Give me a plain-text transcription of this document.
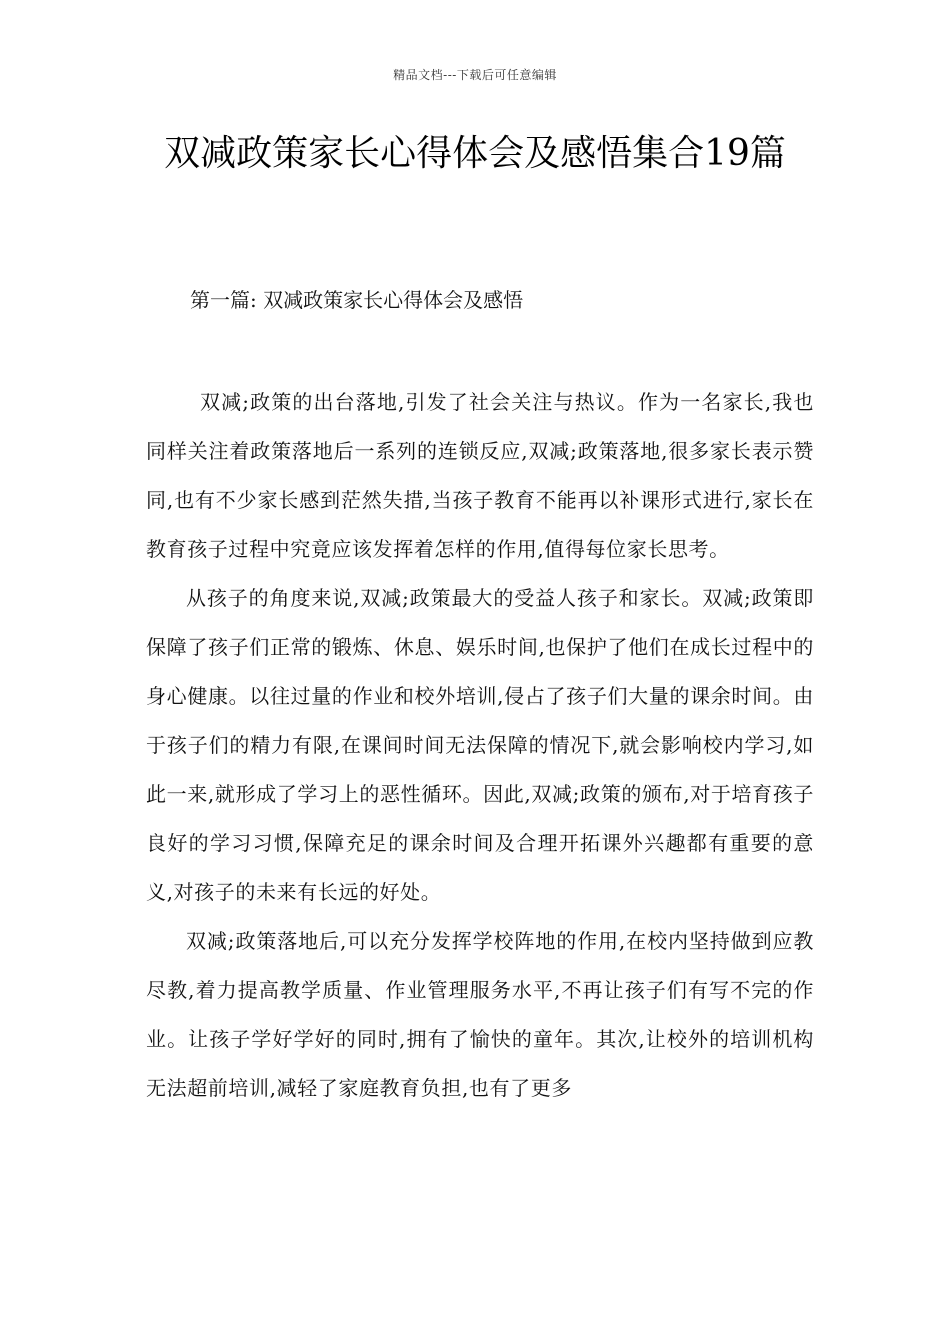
精品文档---下载后可任意编辑
双减政策家长心得体会及感悟集合19篇
第一篇: 双减政策家长心得体会及感悟

双减;政策的出台落地,引发了社会关注与热议。作为一名家长,我也同样关注着政策落地后一系列的连锁反应,双减;政策落地,很多家长表示赞同,也有不少家长感到茫然失措,当孩子教育不能再以补课形式进行,家长在教育孩子过程中究竟应该发挥着怎样的作用,值得每位家长思考。

从孩子的角度来说,双减;政策最大的受益人孩子和家长。双减;政策即保障了孩子们正常的锻炼、休息、娱乐时间,也保护了他们在成长过程中的身心健康。以往过量的作业和校外培训,侵占了孩子们大量的课余时间。由于孩子们的精力有限,在课间时间无法保障的情况下,就会影响校内学习,如此一来,就形成了学习上的恶性循环。因此,双减;政策的颁布,对于培育孩子良好的学习习惯,保障充足的课余时间及合理开拓课外兴趣都有重要的意义,对孩子的未来有长远的好处。

双减;政策落地后,可以充分发挥学校阵地的作用,在校内坚持做到应教尽教,着力提高教学质量、作业管理服务水平,不再让孩子们有写不完的作业。让孩子学好学好的同时,拥有了愉快的童年。其次,让校外的培训机构无法超前培训,减轻了家庭教育负担,也有了更多
